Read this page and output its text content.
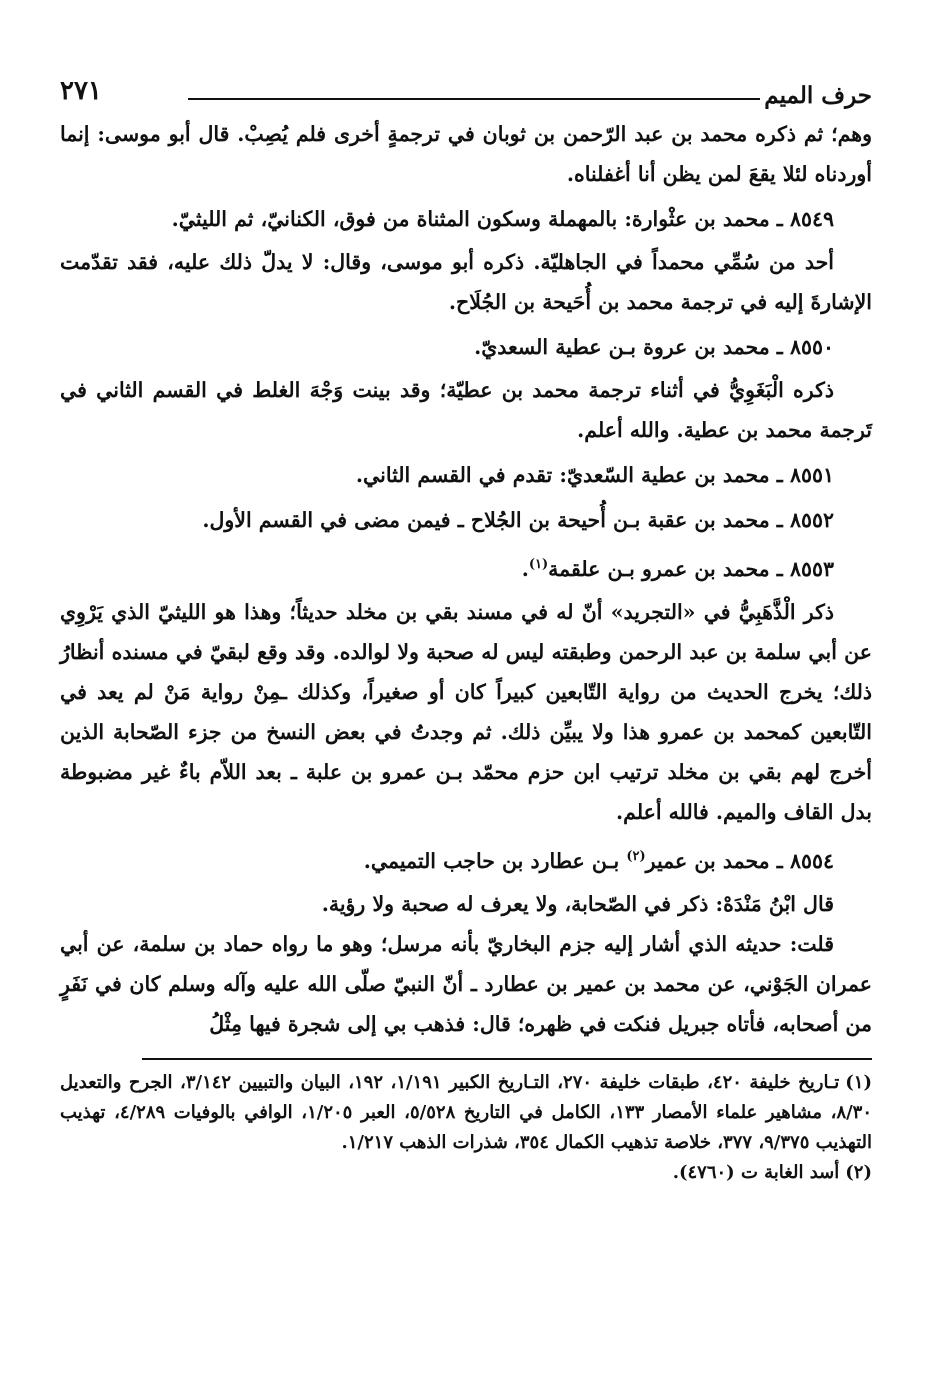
حرف الميم
٢٧١

وهم؛ ثم ذكره محمد بن عبد الرّحمن بن ثوبان في ترجمةٍ أخرى فلم يُصِبْ. قال أبو موسى: إنما أوردناه لئلا يقعَ لمن يظن أنا أغفلناه.

٨٥٤٩ ـ محمد بن عثْوارة: بالمهملة وسكون المثناة من فوق، الكنانيّ، ثم الليثيّ.

أحد من سُمِّي محمداً في الجاهليّة. ذكره أبو موسى، وقال: لا يدلّ ذلك عليه، فقد تقدّمت الإشارةَ إليه في ترجمة محمد بن أُحَيحة بن الجُلَاح.

٨٥٥٠ ـ محمد بن عروة بـن عطية السعديّ.

ذكره الْبَغَوِيُّ في أثناء ترجمة محمد بن عطيّة؛ وقد بينت وَجْهَ الغلط في القسم الثاني في تَرجمة محمد بن عطية. والله أعلم.

٨٥٥١ ـ محمد بن عطية السّعديّ: تقدم في القسم الثاني.

٨٥٥٢ ـ محمد بن عقبة بـن أُحيحة بن الجُلاح ـ فيمن مضى في القسم الأول.

٨٥٥٣ ـ محمد بن عمرو بـن علقمة$^{(١)}$.

ذكر الْذَّهَبِيُّ في «التجريد» أنّ له في مسند بقي بن مخلد حديثاً؛ وهذا هو الليثيّ الذي يَرْوِي عن أبي سلمة بن عبد الرحمن وطبقته ليس له صحبة ولا لوالده. وقد وقع لبقيّ في مسنده أنظارُ ذلك؛ يخرج الحديث من رواية التّابعين كبيراً كان أو صغيراً، وكذلك ـمِنْ رواية مَنْ لم يعد في التّابعين كمحمد بن عمرو هذا ولا يبيِّن ذلك. ثم وجدتُ في بعض النسخ من جزء الصّحابة الذين أخرج لهم بقي بن مخلد ترتيب ابن حزم محمّد بـن عمرو بن علبة ـ بعد اللاّم باءٌ غير مضبوطة بدل القاف والميم. فالله أعلم.

٨٥٥٤ ـ محمد بن عمير$^{(٢)}$ بـن عطارد بن حاجب التميمي.

قال ابْنُ مَنْدَهْ: ذكر في الصّحابة، ولا يعرف له صحبة ولا رؤية.

قلت: حديثه الذي أشار إليه جزم البخاريّ بأنه مرسل؛ وهو ما رواه حماد بن سلمة، عن أبي عمران الجَوْني، عن محمد بن عمير بن عطارد ـ أنّ النبيّ صلّى الله عليه وآله وسلم كان في نَفَرٍ من أصحابه، فأتاه جبريل فنكت في ظهره؛ قال: فذهب بي إلى شجرة فيها مِثْلُ

(١)تـاريخ خليفة ٤٢٠، طبقات خليفة ٢٧٠، التـاريخ الكبير ١/١٩١، ١٩٢، البيان والتبيين ٣/١٤٢، الجرح والتعديل ٨/٣٠، مشاهير علماء الأمصار ١٣٣، الكامل في التاريخ ٥/٥٢٨، العبر ١/٢٠٥، الوافي بالوفيات ٤/٢٨٩، تهذيب التهذيب ٩/٣٧٥، ٣٧٧، خلاصة تذهيب الكمال ٣٥٤، شذرات الذهب ١/٢١٧.

(٢)أسد الغابة ت (٤٧٦٠).
